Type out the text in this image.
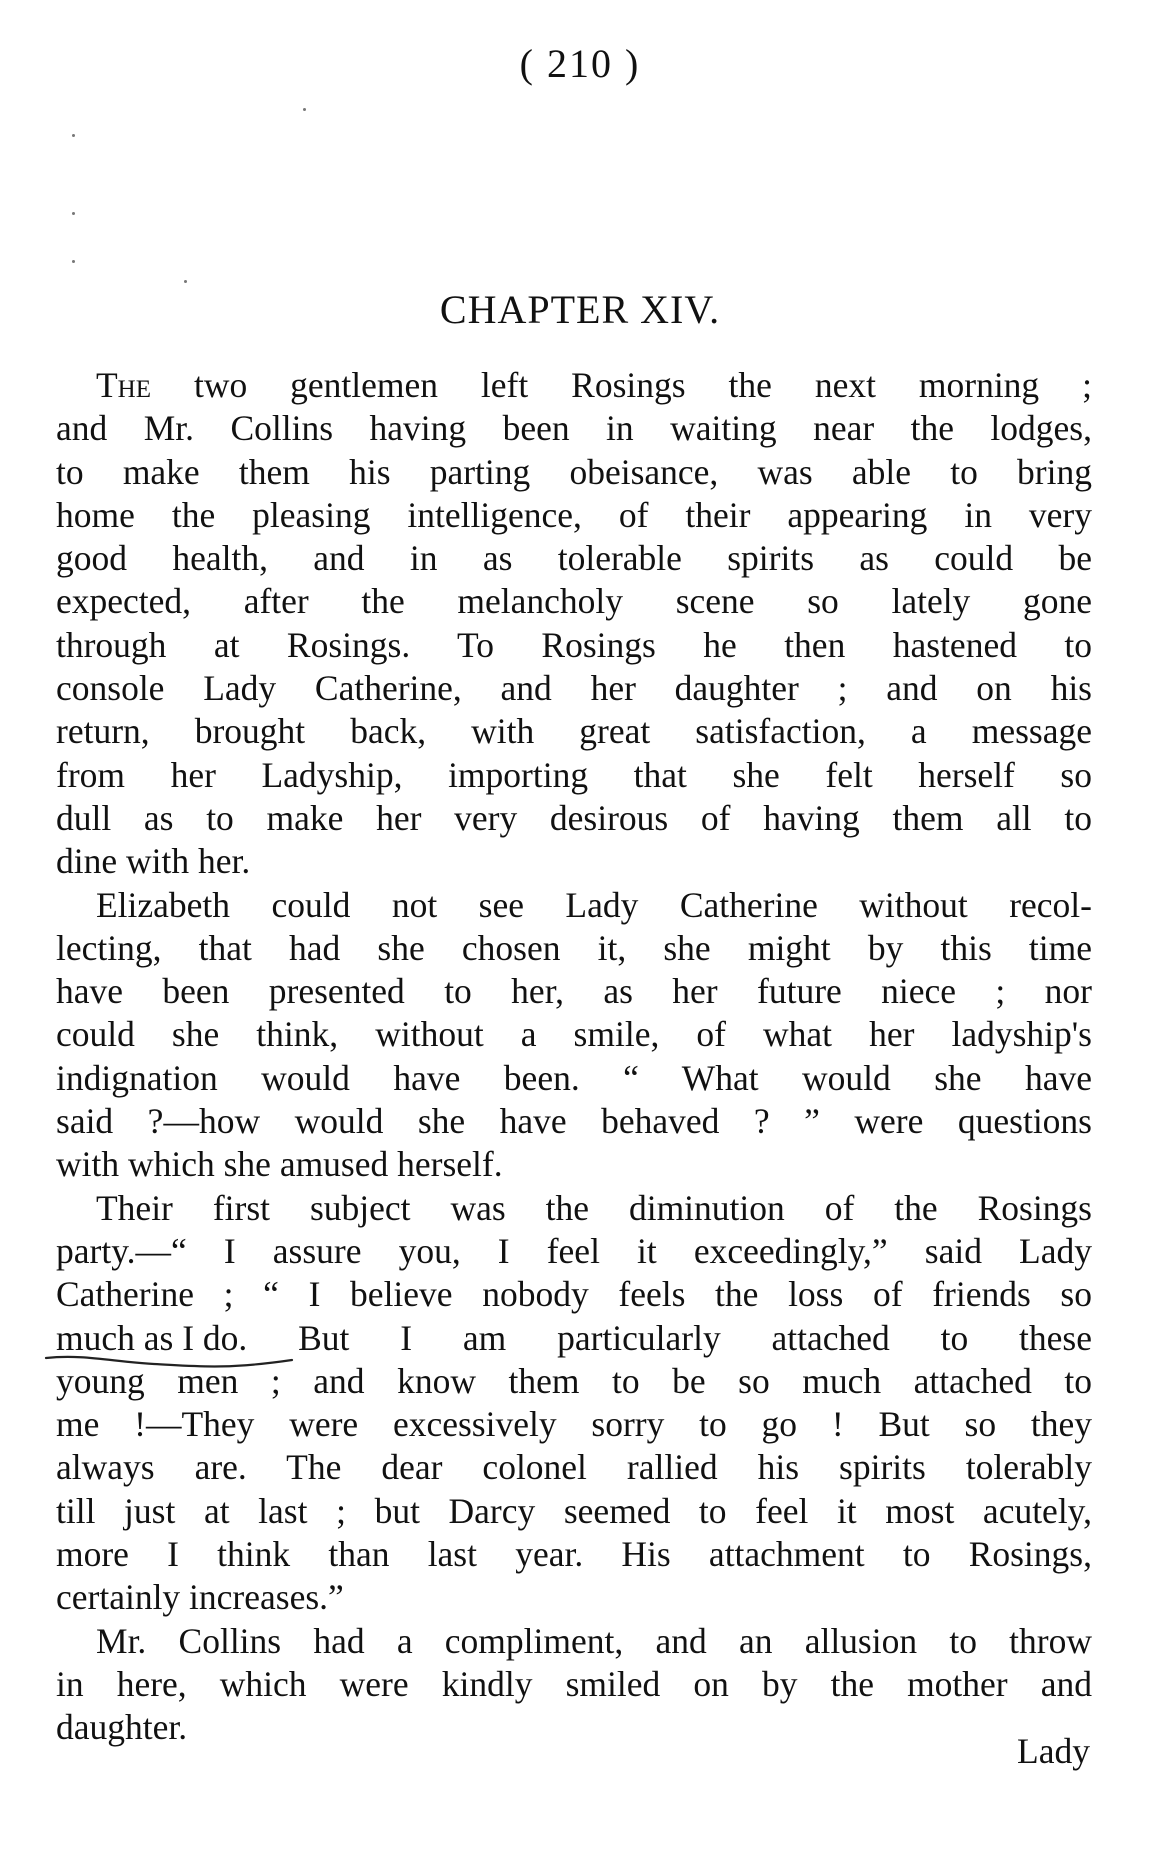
( 210 )
CHAPTER XIV.
The two gentlemen left Rosings the next morning ;
and Mr. Collins having been in waiting near the lodges,
to make them his parting obeisance, was able to bring
home the pleasing intelligence, of their appearing in very
good health, and in as tolerable spirits as could be
expected, after the melancholy scene so lately gone
through at Rosings. To Rosings he then hastened to
console Lady Catherine, and her daughter ; and on his
return, brought back, with great satisfaction, a message
from her Ladyship, importing that she felt herself so
dull as to make her very desirous of having them all to
dine with her.
Elizabeth could not see Lady Catherine without recol-
lecting, that had she chosen it, she might by this time
have been presented to her, as her future niece ; nor
could she think, without a smile, of what her ladyship's
indignation would have been. “ What would she have
said ?—how would she have behaved ? ” were questions
with which she amused herself.
Their first subject was the diminution of the Rosings
party.—“ I assure you, I feel it exceedingly,” said Lady
Catherine ; “ I believe nobody feels the loss of friends so
much as I do
. But I am particularly attached to these
young men ; and know them to be so much attached to
me !—They were excessively sorry to go ! But so they
always are. The dear colonel rallied his spirits tolerably
till just at last ; but Darcy seemed to feel it most acutely,
more I think than last year. His attachment to Rosings,
certainly increases.”
Mr. Collins had a compliment, and an allusion to throw
in here, which were kindly smiled on by the mother and
daughter.
Lady
